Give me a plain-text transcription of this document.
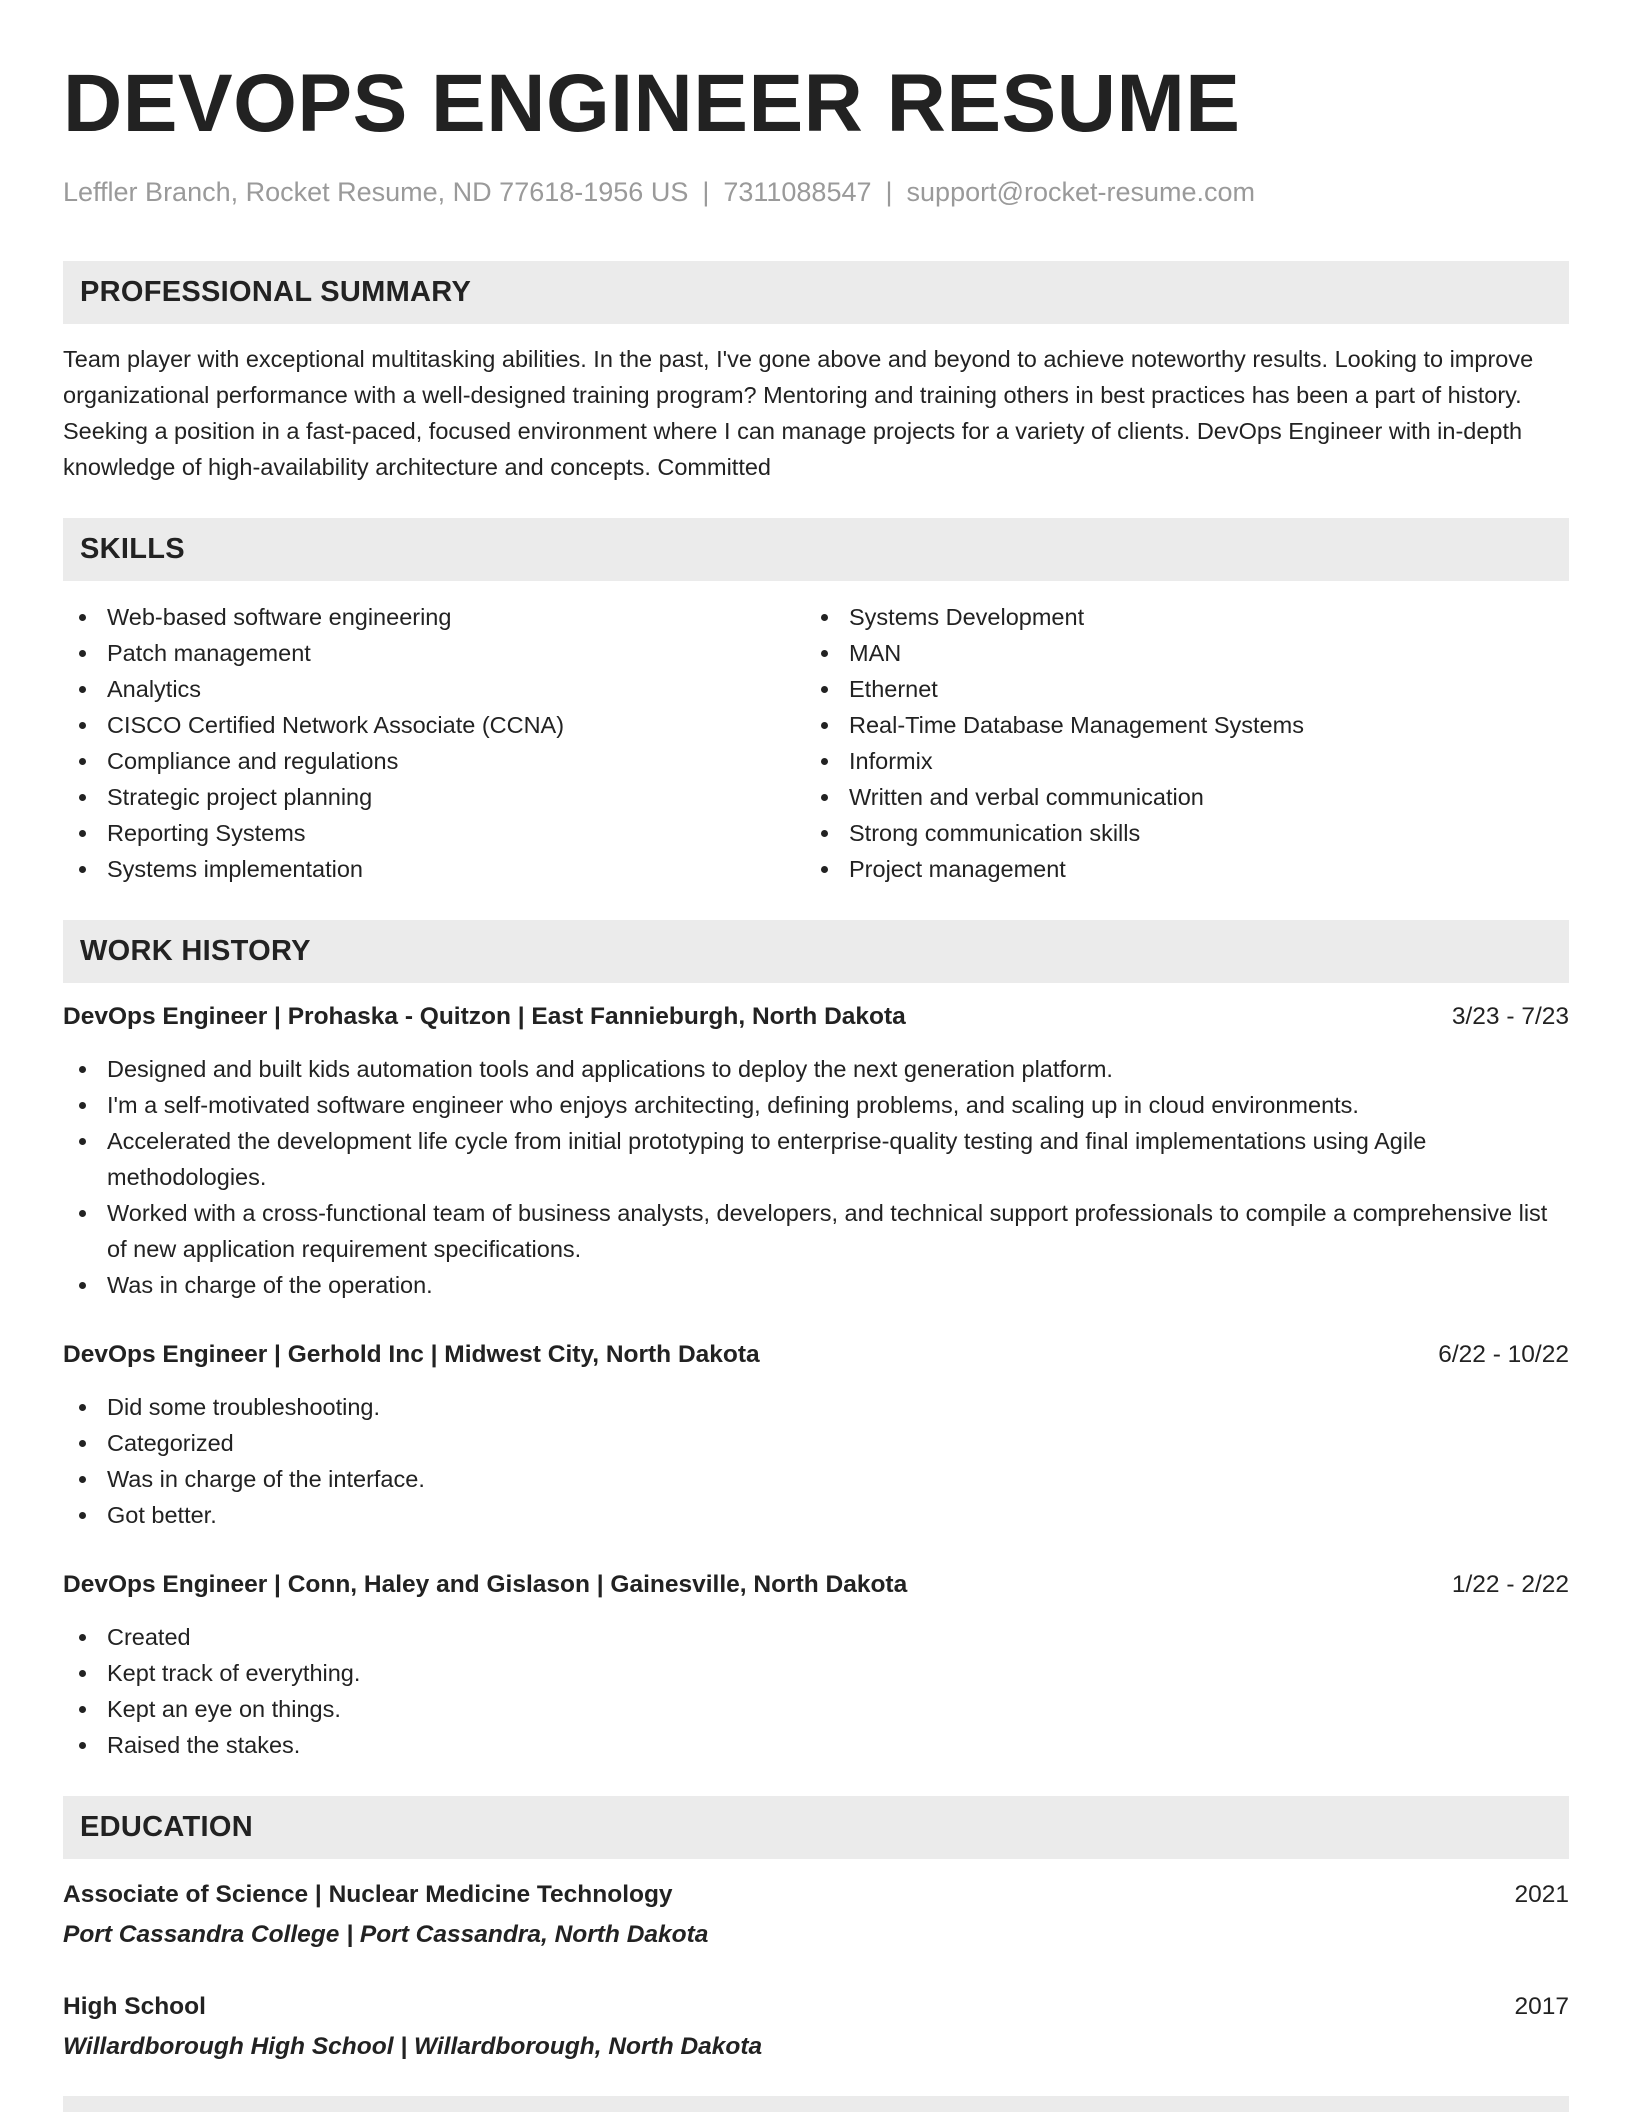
DEVOPS ENGINEER RESUME
Leffler Branch, Rocket Resume, ND 77618-1956 US | 7311088547 | support@rocket-resume.com
PROFESSIONAL SUMMARY
Team player with exceptional multitasking abilities. In the past, I've gone above and beyond to achieve noteworthy results. Looking to improve organizational performance with a well-designed training program? Mentoring and training others in best practices has been a part of history. Seeking a position in a fast-paced, focused environment where I can manage projects for a variety of clients. DevOps Engineer with in-depth knowledge of high-availability architecture and concepts. Committed
SKILLS
Web-based software engineering
Patch management
Analytics
CISCO Certified Network Associate (CCNA)
Compliance and regulations
Strategic project planning
Reporting Systems
Systems implementation
Systems Development
MAN
Ethernet
Real-Time Database Management Systems
Informix
Written and verbal communication
Strong communication skills
Project management
WORK HISTORY
DevOps Engineer | Prohaska - Quitzon | East Fannieburgh, North Dakota	3/23 - 7/23
Designed and built kids automation tools and applications to deploy the next generation platform.
I'm a self-motivated software engineer who enjoys architecting, defining problems, and scaling up in cloud environments.
Accelerated the development life cycle from initial prototyping to enterprise-quality testing and final implementations using Agile methodologies.
Worked with a cross-functional team of business analysts, developers, and technical support professionals to compile a comprehensive list of new application requirement specifications.
Was in charge of the operation.
DevOps Engineer | Gerhold Inc | Midwest City, North Dakota	6/22 - 10/22
Did some troubleshooting.
Categorized
Was in charge of the interface.
Got better.
DevOps Engineer | Conn, Haley and Gislason | Gainesville, North Dakota	1/22 - 2/22
Created
Kept track of everything.
Kept an eye on things.
Raised the stakes.
EDUCATION
Associate of Science | Nuclear Medicine Technology	2021
Port Cassandra College | Port Cassandra, North Dakota
High School	2017
Willardborough High School | Willardborough, North Dakota
